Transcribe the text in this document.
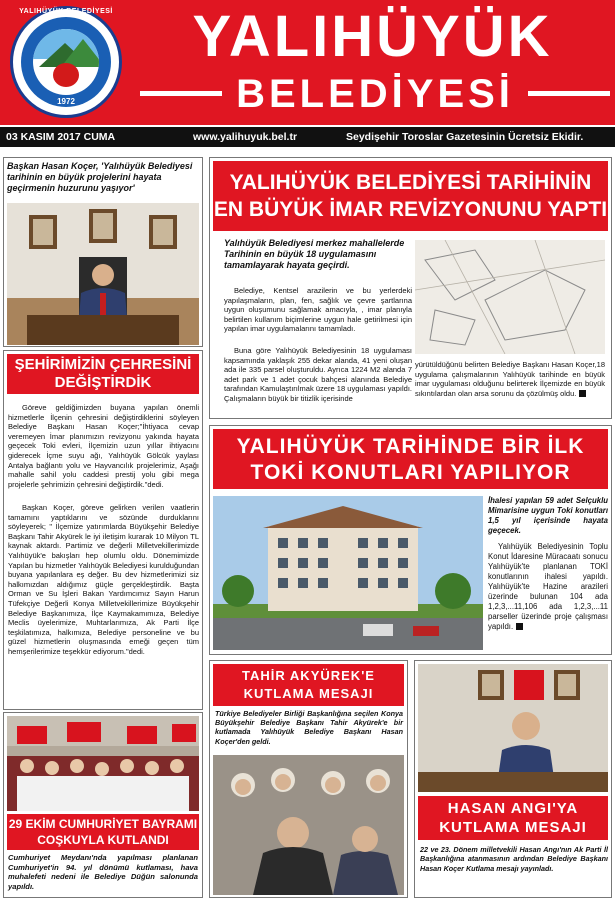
YALIHÜYÜK BELEDİYESİ
1972
YALIHÜYÜK
BELEDİYESİ
03 KASIM 2017 CUMA	www.yalihuyuk.bel.tr	Seydişehir Toroslar Gazetesinin Ücretsiz Ekidir.
Başkan Hasan Koçer, 'Yalıhüyük Belediyesi tarihinin en büyük projelerini hayata geçirmenin huzurunu yaşıyor'
ŞEHİRİMİZİN ÇEHRESİNİ DEĞİŞTİRDİK
Göreve geldiğimizden buyana yapılan önemli hizmetlerle İlçenin çehresini değiştirdiklerini söyleyen Belediye Başkanı Hasan Koçer;"İhtiyaca cevap veremeyen İmar planımızın revizyonu yakında hayata geçecek Toki evleri, İlçemizin uzun yıllar ihtiyacını giderecek İçme suyu ağı, Yalıhüyük Gölcük yaylası Antalya bağlantı yolu ve Hayvancılık projelerimiz, Aşağı mahalle sahil yolu caddesi prestij yolu gibi mega projelerle şehrimizin çehresini değiştirdik."dedi.
Başkan Koçer, göreve gelirken verilen vaatlerin tamamını yaptıklarını ve sözünde durduklarını söyleyerek; " İlçemize yatırımlarda Büyükşehir Belediye Başkanı Tahir Akyürek le iyi iletişim kurarak 10 Milyon TL kaynak aktardı. Partimiz ve değerli Milletvekillerimizde Yalıhüyük'e bakışları hep olumlu oldu. Dönemimizde Yapılan bu hizmetler Yalıhüyük Belediyesi kurulduğundan buyana yapılanlara eş değer. Bu dev hizmetlerimizi siz halkımızdan aldığımız güçle gerçekleştirdik. Başta Orman ve Su İşleri Bakan Yardımcımız Sayın Harun Tüfekçiye Değerli Konya Milletvekillerimize Büyükşehir Belediye Başkanımıza, İlçe Kaymakamımıza, Belediye Meclis üyelerimize, Muhtarlarımıza, Ak Parti İlçe teşkilatımıza, halkımıza, Belediye personeline ve bu güzel hizmetlerin oluşmasında emeği geçen tüm hemşerilerimize teşekkür ediyorum."dedi.
29 EKİM CUMHURİYET BAYRAMI COŞKUYLA KUTLANDI
Cumhuriyet Meydanı'nda yapılması planlanan Cumhuriyet'in 94. yıl dönümü kutlaması, hava muhalefeti nedeni ile Belediye Düğün salonunda yapıldı.
YALIHÜYÜK BELEDİYESİ TARİHİNİN EN BÜYÜK İMAR REVİZYONUNU YAPTI
Yalıhüyük Belediyesi merkez mahallelerde Tarihinin en büyük 18 uygulamasını tamamlayarak hayata geçirdi.
Belediye, Kentsel arazilerin ve bu yerlerdeki yapılaşmaların, plan, fen, sağlık ve çevre şartlarına uygun oluşumunu sağlamak amacıyla, , imar planıyla belirtilen kullanım biçimlerine uygun hale getirilmesi için yapılan imar uygulamalarını tamamladı.
Buna göre Yalıhüyük Belediyesinin 18 uygulaması kapsamında yaklaşık 255 dekar alanda, 41 yeni oluşan ada ile 335 parsel oluşturuldu. Ayrıca 1224 M2 alanda 7 adet park ve 1 adet çocuk bahçesi alanında Belediye tarafından Kamulaştırılmak üzere 18 uygulaması yapıldı. Çalışmaların büyük bir titizlik içerisinde
yürütüldüğünü belirten Belediye Başkanı Hasan Koçer,18 uygulama çalışmalarının Yalıhüyük tarihinde en büyük imar uygulaması olduğunu belirterek İlçemizde en büyük sıkıntılardan olan arsa sorunu da çözülmüş oldu.
YALIHÜYÜK TARİHİNDE BİR İLK TOKİ KONUTLARI YAPILIYOR
İhalesi yapılan 59 adet Selçuklu Mimarisine uygun Toki konutları 1,5 yıl içerisinde hayata geçecek.
Yalıhüyük Belediyesinin Toplu Konut İdaresine Müracaatı sonucu Yalıhüyük'te planlanan TOKİ konutlarının ihalesi yapıldı. Yalıhüyük'te Hazine arazileri üzerinde bulunan 104 ada 1,2,3,...11,106 ada 1,2,3,...11 parseller üzerinde proje çalışması yapıldı.
TAHİR AKYÜREK'E KUTLAMA MESAJI
Türkiye Belediyeler Birliği Başkanlığına seçilen Konya Büyükşehir Belediye Başkanı Tahir Akyürek'e bir kutlamada Yalıhüyük Belediye Başkanı Hasan Koçer'den geldi.
HASAN ANGI'YA KUTLAMA MESAJI
22 ve 23. Dönem milletvekili Hasan Angı'nın Ak Parti İl Başkanlığına atanmasının ardından Belediye Başkanı Hasan Koçer Kutlama mesajı yayınladı.
